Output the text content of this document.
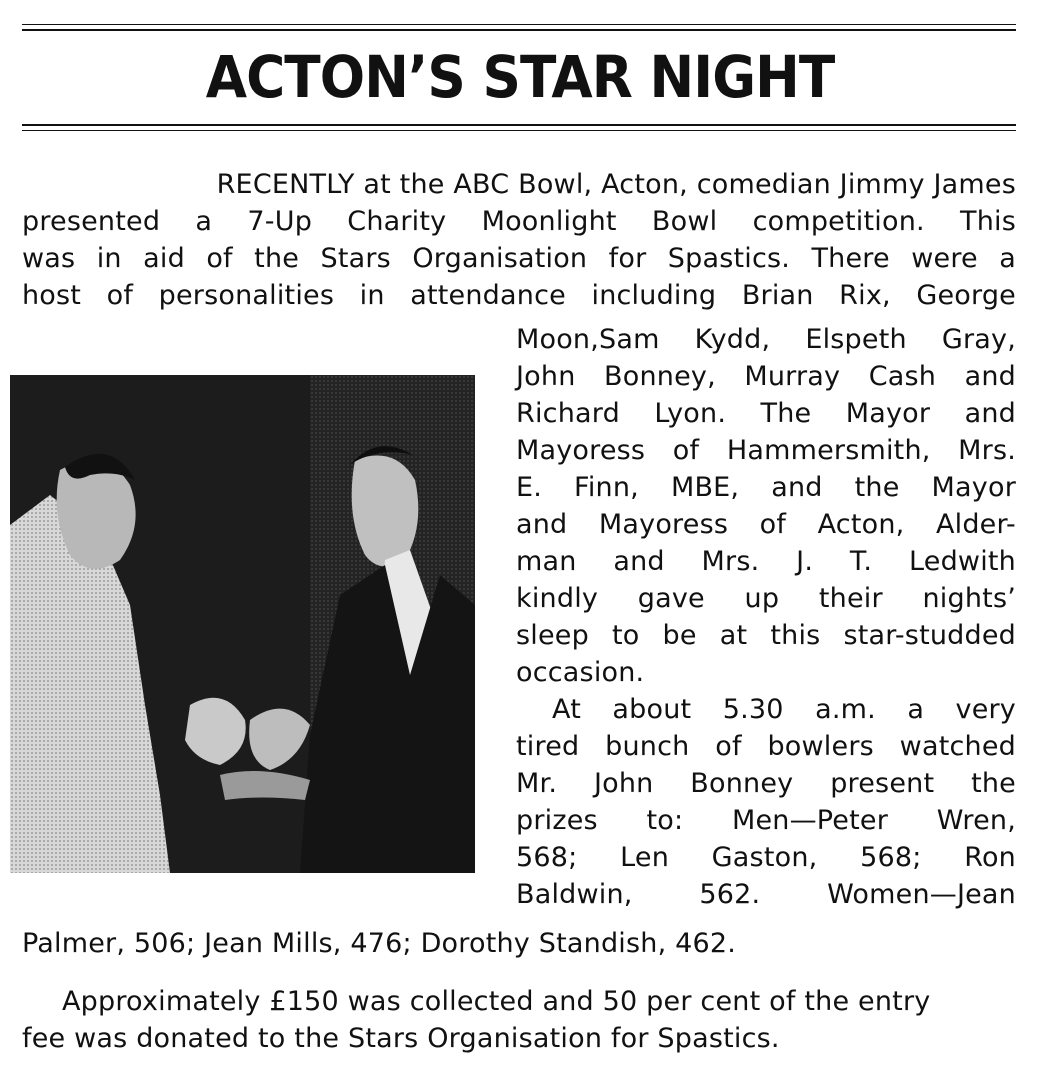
ACTON’S STAR NIGHT
RECENTLY at the ABC Bowl, Acton, comedian Jimmy James
presented a 7-Up Charity Moonlight Bowl competition. This
was in aid of the Stars Organisation for Spastics. There were a
host of personalities in attendance including Brian Rix, George
Moon,Sam Kydd, Elspeth Gray,
John Bonney, Murray Cash and
Richard Lyon. The Mayor and
Mayoress of Hammersmith, Mrs.
E. Finn, MBE, and the Mayor
and Mayoress of Acton, Alder-
man and Mrs. J. T. Ledwith
kindly gave up their nights’
sleep to be at this star-studded
occasion.
At about 5.30 a.m. a very
tired bunch of bowlers watched
Mr. John Bonney present the
prizes to: Men—Peter Wren,
568; Len Gaston, 568; Ron
Baldwin, 562. Women—Jean
Palmer, 506; Jean Mills, 476; Dorothy Standish, 462.
Approximately £150 was collected and 50 per cent of the entry
fee was donated to the Stars Organisation for Spastics.
